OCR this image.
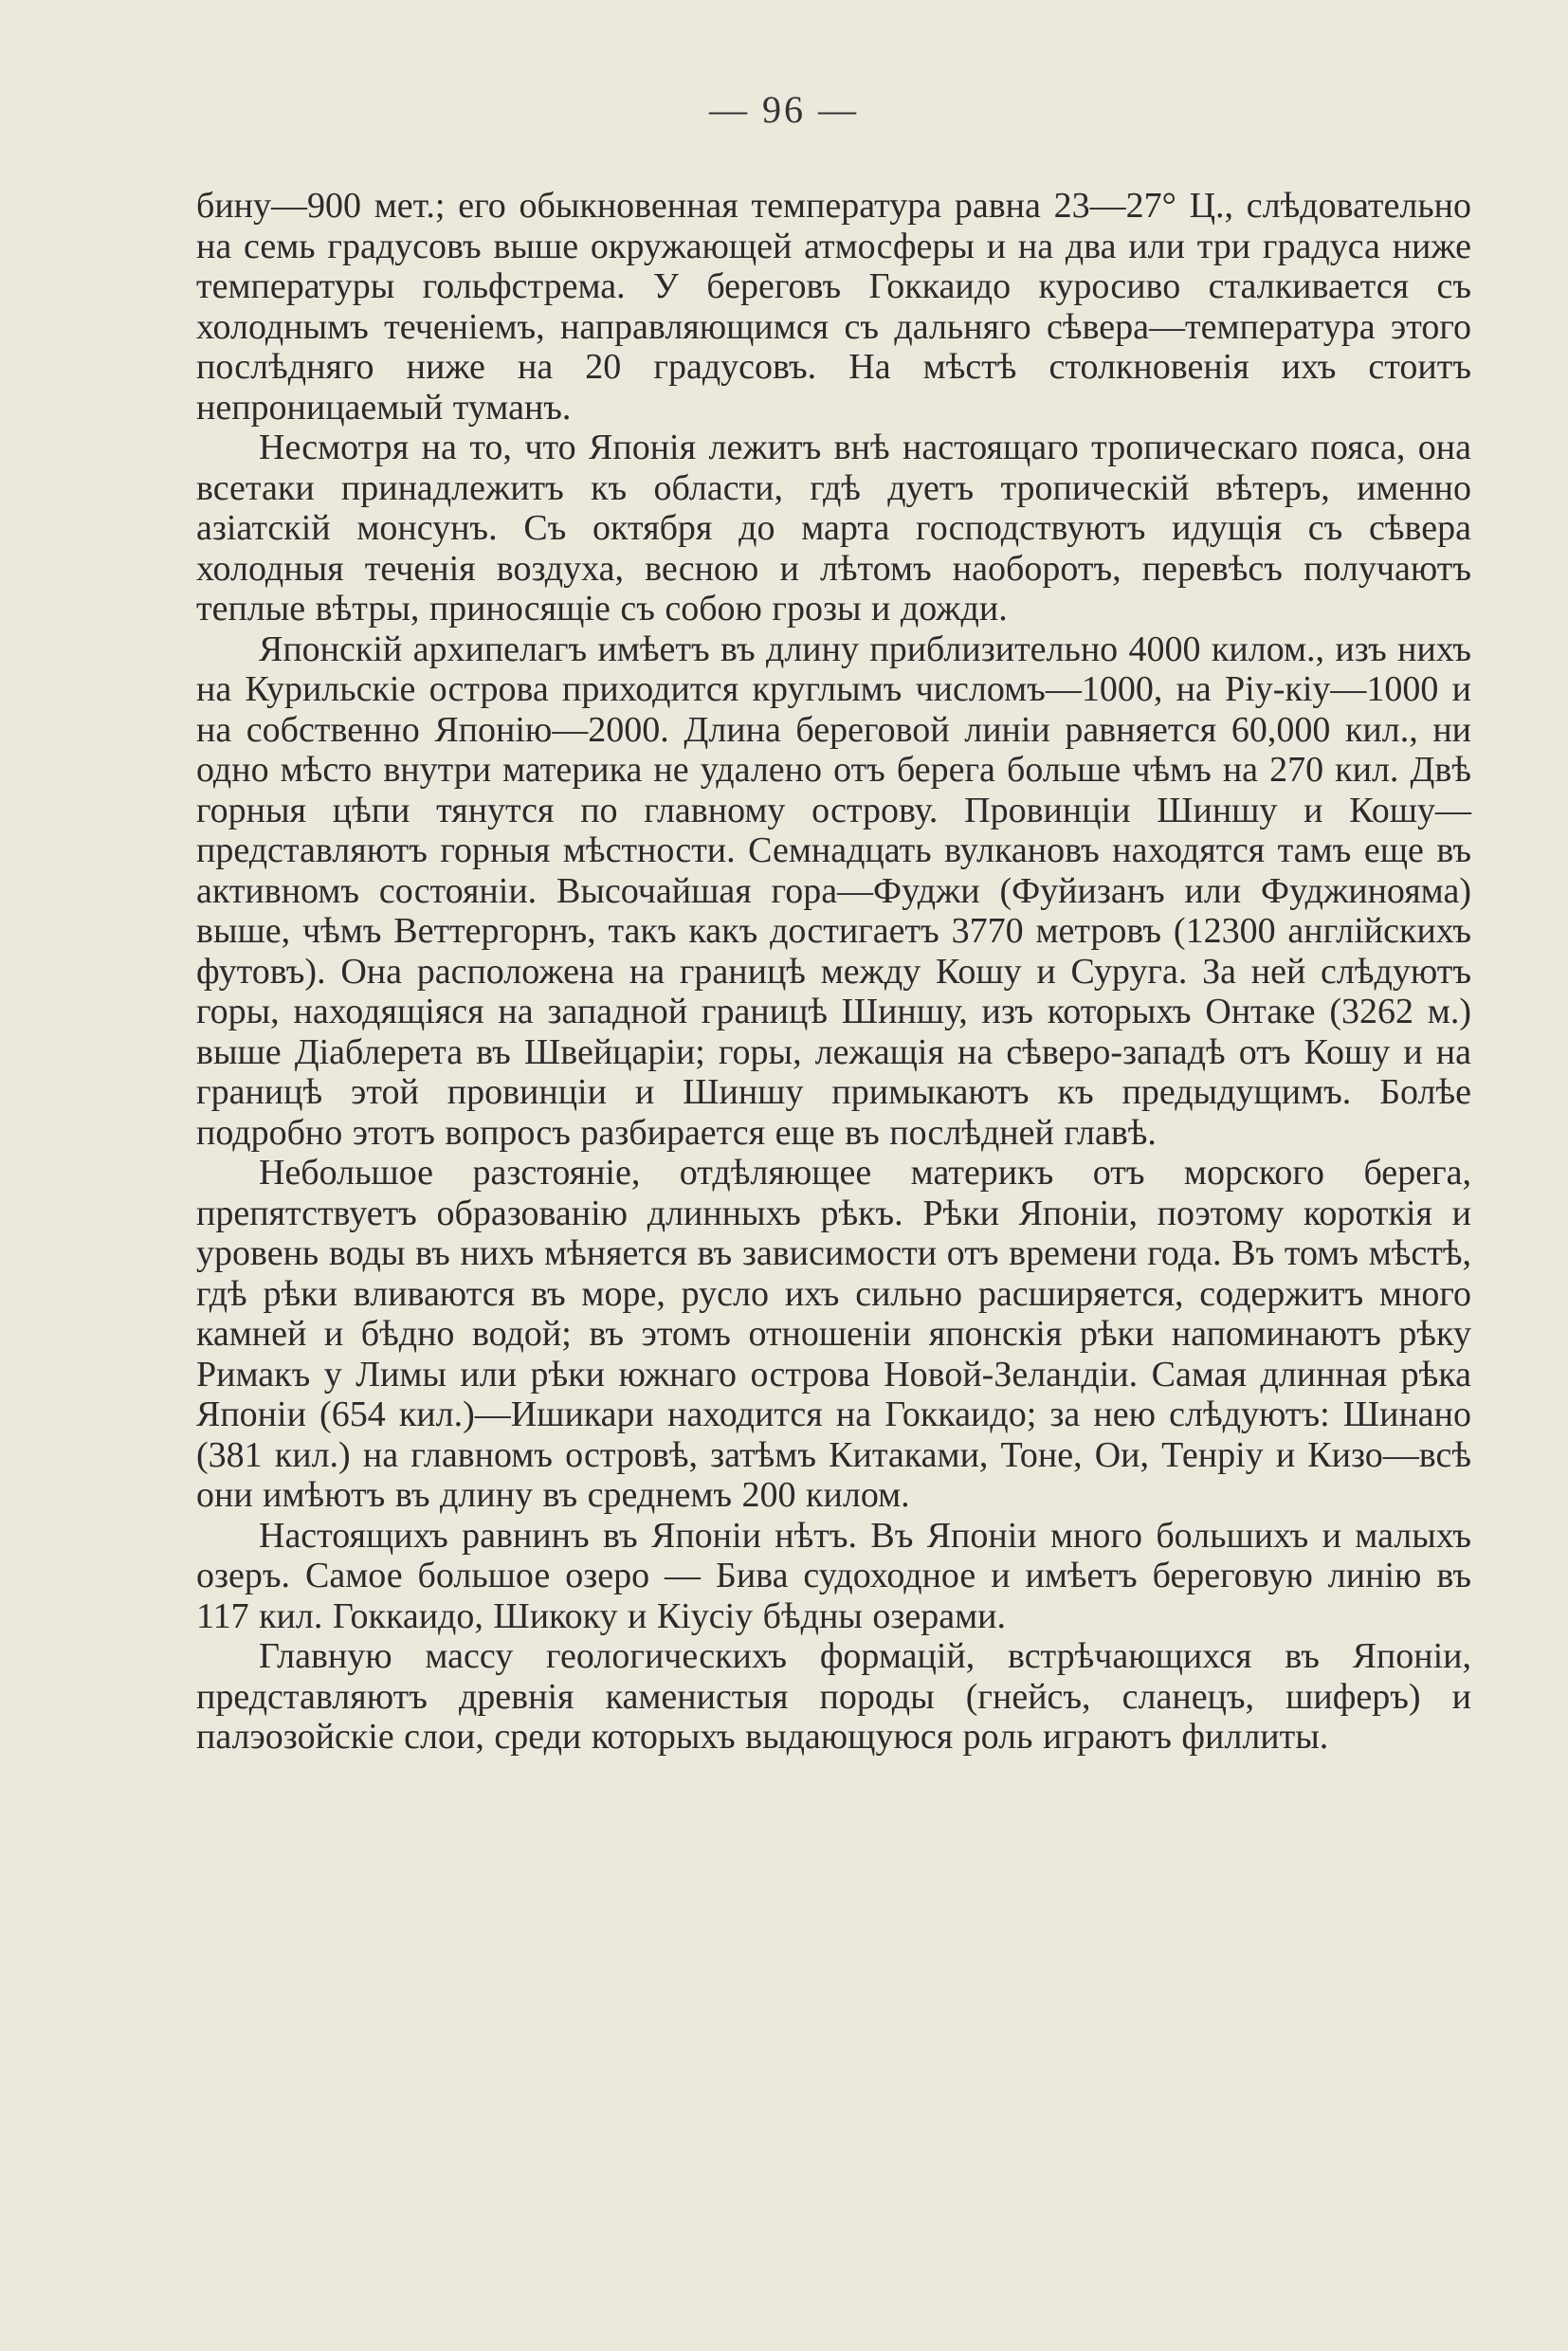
— 96 —

бину—900 мет.; его обыкновенная температура равна 23—27° Ц., слѣдовательно на семь градусовъ выше окружающей атмосферы и на два или три градуса ниже температуры гольфстрема. У береговъ Гоккаидо куросиво сталкивается съ холоднымъ теченіемъ, направляющимся съ дальняго сѣвера—температура этого послѣдняго ниже на 20 градусовъ. На мѣстѣ столкновенія ихъ стоитъ непроницаемый туманъ.

Несмотря на то, что Японія лежитъ внѣ настоящаго тропическаго пояса, она всетаки принадлежитъ къ области, гдѣ дуетъ тропическій вѣтеръ, именно азіатскій монсунъ. Съ октября до марта господствуютъ идущія съ сѣвера холодныя теченія воздуха, весною и лѣтомъ наоборотъ, перевѣсъ получаютъ теплые вѣтры, приносящіе съ собою грозы и дожди.

Японскій архипелагъ имѣетъ въ длину приблизительно 4000 килом., изъ нихъ на Курильскіе острова приходится круглымъ числомъ—1000, на Ріу-кіу—1000 и на собственно Японію—2000. Длина береговой линіи равняется 60,000 кил., ни одно мѣсто внутри материка не удалено отъ берега больше чѣмъ на 270 кил. Двѣ горныя цѣпи тянутся по главному острову. Провинціи Шиншу и Кошу—представляютъ горныя мѣстности. Семнадцать вулкановъ находятся тамъ еще въ активномъ состояніи. Высочайшая гора—Фуджи (Фуйизанъ или Фуджинояма) выше, чѣмъ Веттергорнъ, такъ какъ достигаетъ 3770 метровъ (12300 англійскихъ футовъ). Она расположена на границѣ между Кошу и Суруга. За ней слѣдуютъ горы, находящіяся на западной границѣ Шиншу, изъ которыхъ Онтаке (3262 м.) выше Діаблерета въ Швейцаріи; горы, лежащія на сѣверо-западѣ отъ Кошу и на границѣ этой провинціи и Шиншу примыкаютъ къ предыдущимъ. Болѣе подробно этотъ вопросъ разбирается еще въ послѣдней главѣ.

Небольшое разстояніе, отдѣляющее материкъ отъ морского берега, препятствуетъ образованію длинныхъ рѣкъ. Рѣки Японіи, поэтому короткія и уровень воды въ нихъ мѣняется въ зависимости отъ времени года. Въ томъ мѣстѣ, гдѣ рѣки вливаются въ море, русло ихъ сильно расширяется, содержитъ много камней и бѣдно водой; въ этомъ отношеніи японскія рѣки напоминаютъ рѣку Римакъ у Лимы или рѣки южнаго острова Новой-Зеландіи. Самая длинная рѣка Японіи (654 кил.)—Ишикари находится на Гоккаидо; за нею слѣдуютъ: Шинано (381 кил.) на главномъ островѣ, затѣмъ Китаками, Тоне, Ои, Тенріу и Кизо—всѣ они имѣютъ въ длину въ среднемъ 200 килом.

Настоящихъ равнинъ въ Японіи нѣтъ. Въ Японіи много большихъ и малыхъ озеръ. Самое большое озеро — Бива судоходное и имѣетъ береговую линію въ 117 кил. Гоккаидо, Шикоку и Кіусіу бѣдны озерами.

Главную массу геологическихъ формацій, встрѣчающихся въ Японіи, представляютъ древнія каменистыя породы (гнейсъ, сланецъ, шиферъ) и палэозойскіе слои, среди которыхъ выдающуюся роль играютъ филлиты.
